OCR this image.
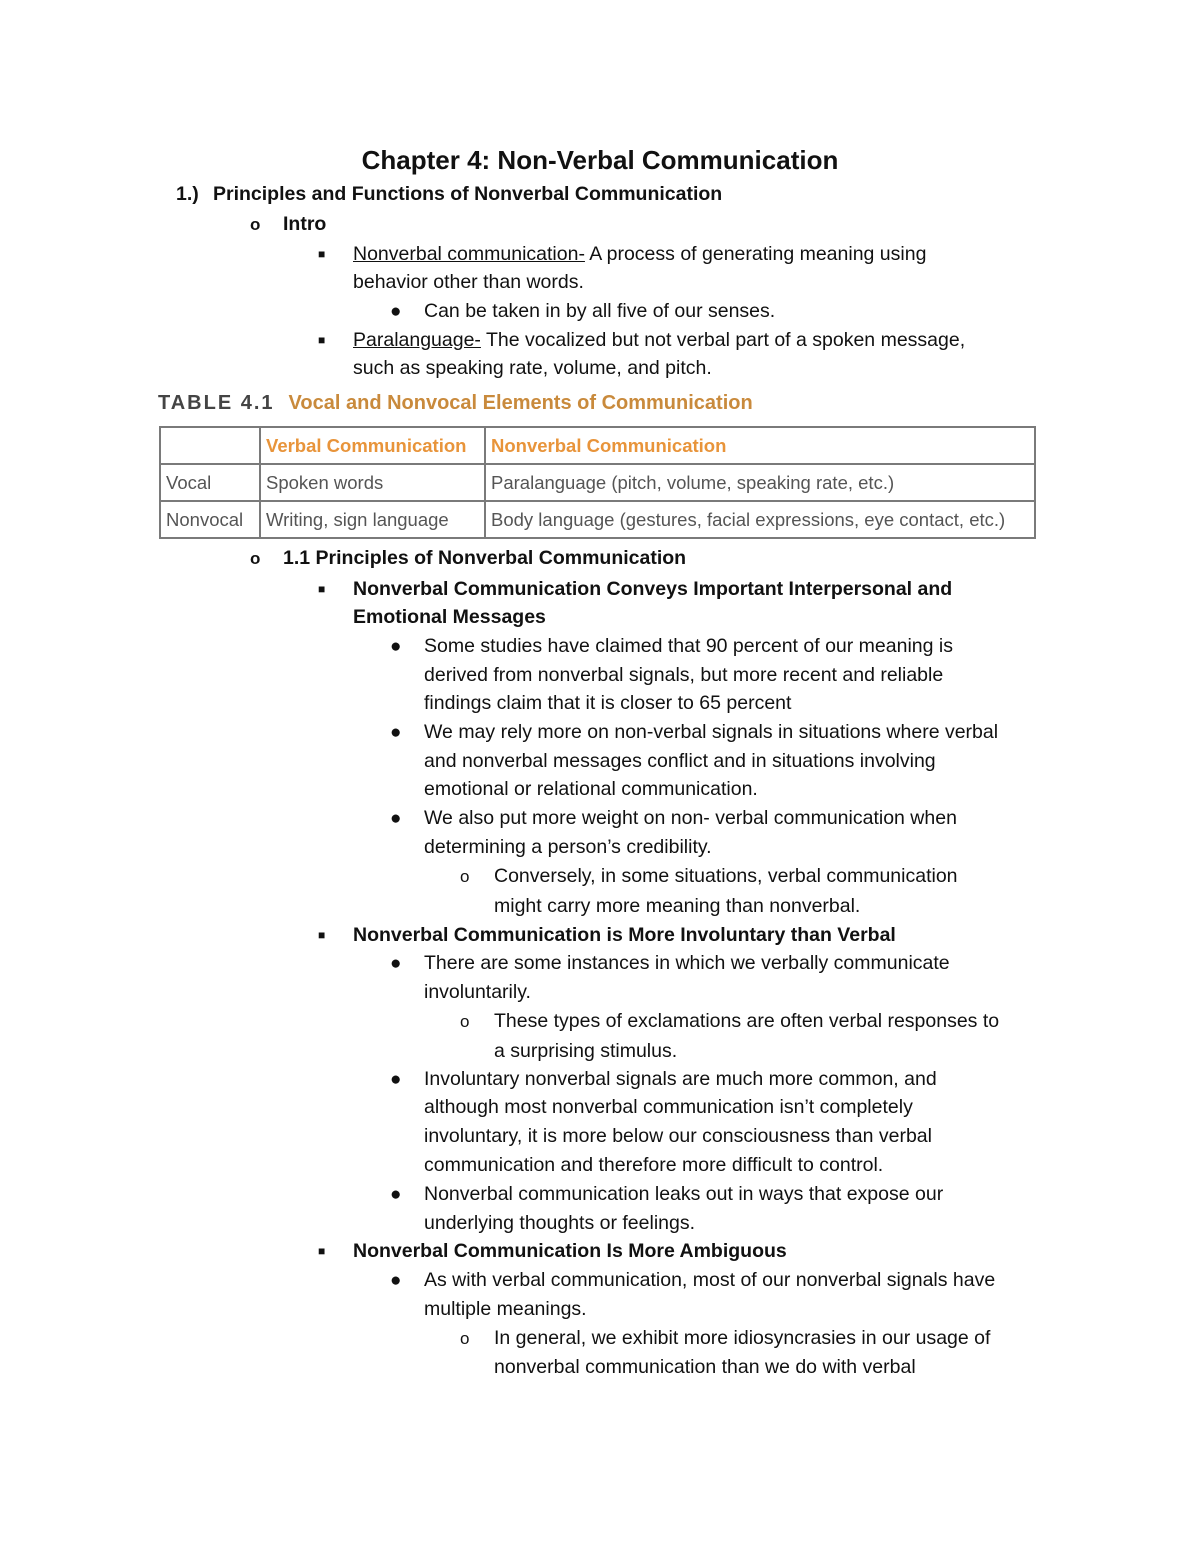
Chapter 4: Non-Verbal Communication
1.) Principles and Functions of Nonverbal Communication
o Intro
■ Nonverbal communication- A process of generating meaning using
behavior other than words.
● Can be taken in by all five of our senses.
■ Paralanguage- The vocalized but not verbal part of a spoken message,
such as speaking rate, volume, and pitch.
TABLE 4.1 Vocal and Nonvocal Elements of Communication
	Verbal Communication	Nonverbal Communication
Vocal	Spoken words	Paralanguage (pitch, volume, speaking rate, etc.)
Nonvocal	Writing, sign language	Body language (gestures, facial expressions, eye contact, etc.)
o 1.1 Principles of Nonverbal Communication
■ Nonverbal Communication Conveys Important Interpersonal and
Emotional Messages
● Some studies have claimed that 90 percent of our meaning is
derived from nonverbal signals, but more recent and reliable
findings claim that it is closer to 65 percent
● We may rely more on non-verbal signals in situations where verbal
and nonverbal messages conflict and in situations involving
emotional or relational communication.
● We also put more weight on non- verbal communication when
determining a person’s credibility.
o Conversely, in some situations, verbal communication
might carry more meaning than nonverbal.
■ Nonverbal Communication is More Involuntary than Verbal
● There are some instances in which we verbally communicate
involuntarily.
o These types of exclamations are often verbal responses to
a surprising stimulus.
● Involuntary nonverbal signals are much more common, and
although most nonverbal communication isn’t completely
involuntary, it is more below our consciousness than verbal
communication and therefore more difficult to control.
● Nonverbal communication leaks out in ways that expose our
underlying thoughts or feelings.
■ Nonverbal Communication Is More Ambiguous
● As with verbal communication, most of our nonverbal signals have
multiple meanings.
o In general, we exhibit more idiosyncrasies in our usage of
nonverbal communication than we do with verbal
